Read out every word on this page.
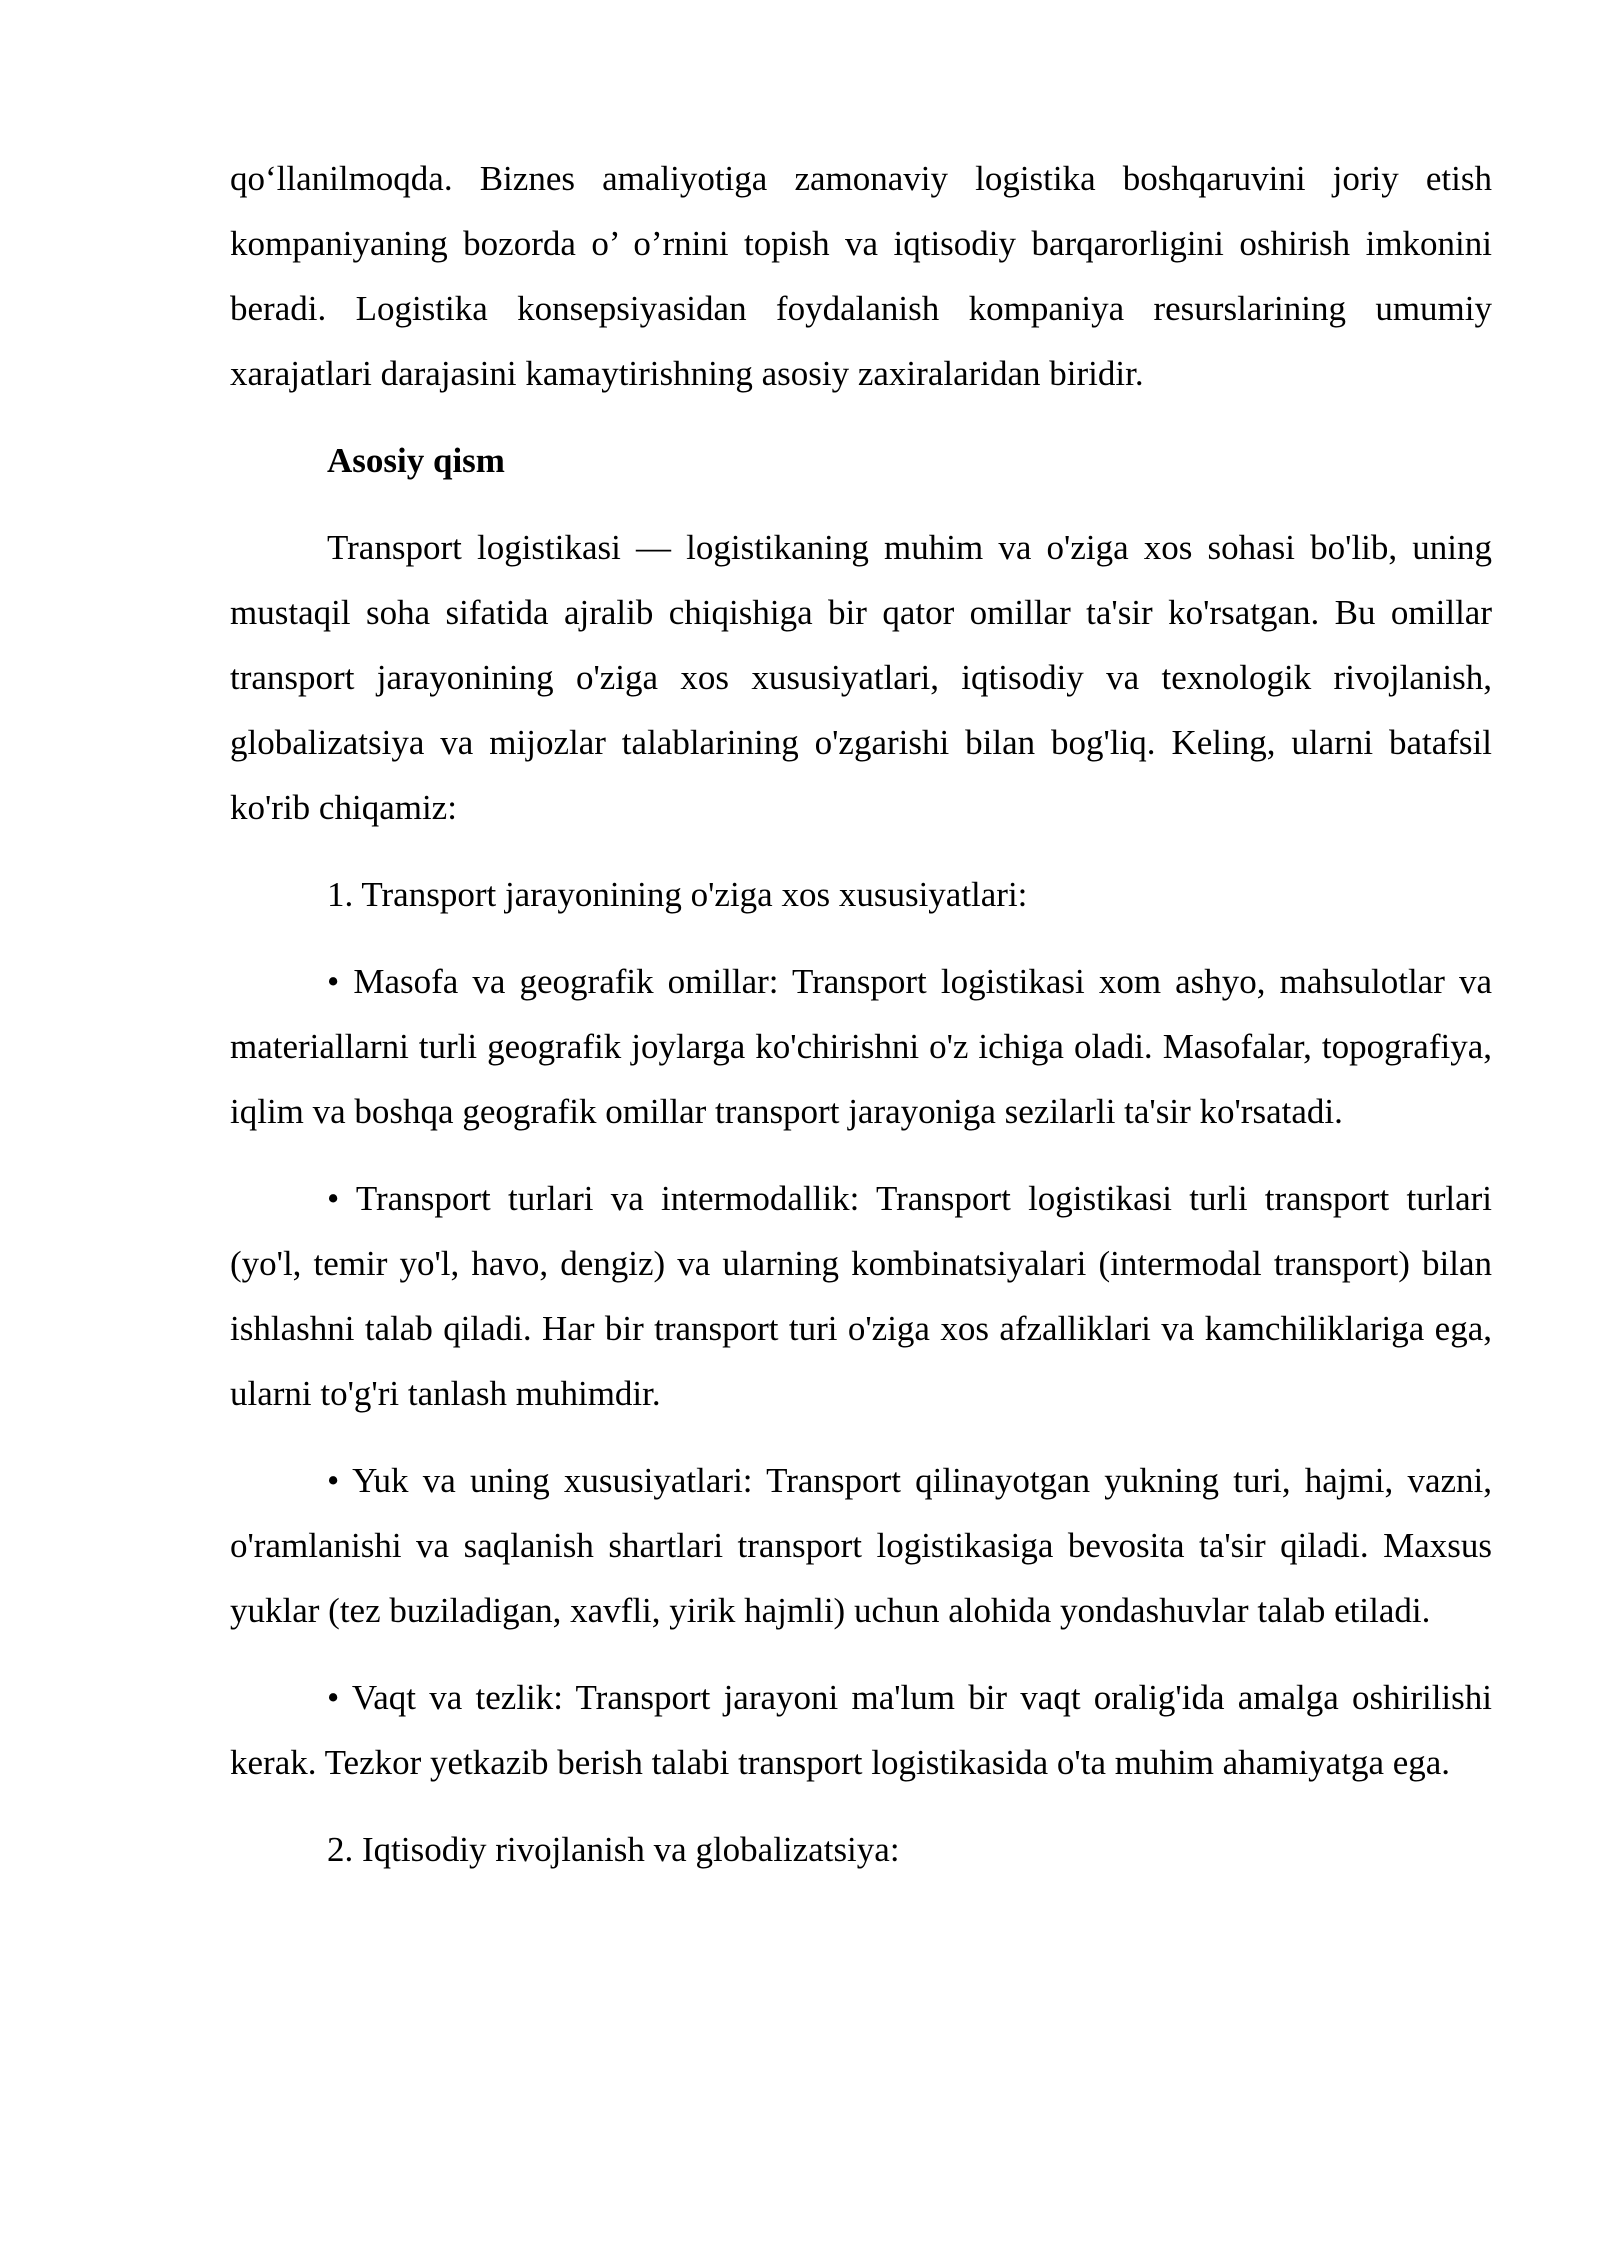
qo‘llanilmoqda. Biznes amaliyotiga zamonaviy logistika boshqaruvini joriy etish kompaniyaning bozorda o’ o’rnini topish va iqtisodiy barqarorligini oshirish imkonini beradi. Logistika konsepsiyasidan foydalanish kompaniya resurslarining umumiy xarajatlari darajasini kamaytirishning asosiy zaxiralaridan biridir.

Asosiy qism

Transport logistikasi — logistikaning muhim va o'ziga xos sohasi bo'lib, uning mustaqil soha sifatida ajralib chiqishiga bir qator omillar ta'sir ko'rsatgan. Bu omillar transport jarayonining o'ziga xos xususiyatlari, iqtisodiy va texnologik rivojlanish, globalizatsiya va mijozlar talablarining o'zgarishi bilan bog'liq. Keling, ularni batafsil ko'rib chiqamiz:

1. Transport jarayonining o'ziga xos xususiyatlari:

• Masofa va geografik omillar: Transport logistikasi xom ashyo, mahsulotlar va materiallarni turli geografik joylarga ko'chirishni o'z ichiga oladi. Masofalar, topografiya, iqlim va boshqa geografik omillar transport jarayoniga sezilarli ta'sir ko'rsatadi.

• Transport turlari va intermodallik: Transport logistikasi turli transport turlari (yo'l, temir yo'l, havo, dengiz) va ularning kombinatsiyalari (intermodal transport) bilan ishlashni talab qiladi. Har bir transport turi o'ziga xos afzalliklari va kamchiliklariga ega, ularni to'g'ri tanlash muhimdir.

• Yuk va uning xususiyatlari: Transport qilinayotgan yukning turi, hajmi, vazni, o'ramlanishi va saqlanish shartlari transport logistikasiga bevosita ta'sir qiladi. Maxsus yuklar (tez buziladigan, xavfli, yirik hajmli) uchun alohida yondashuvlar talab etiladi.

• Vaqt va tezlik: Transport jarayoni ma'lum bir vaqt oralig'ida amalga oshirilishi kerak. Tezkor yetkazib berish talabi transport logistikasida o'ta muhim ahamiyatga ega.

2. Iqtisodiy rivojlanish va globalizatsiya:
